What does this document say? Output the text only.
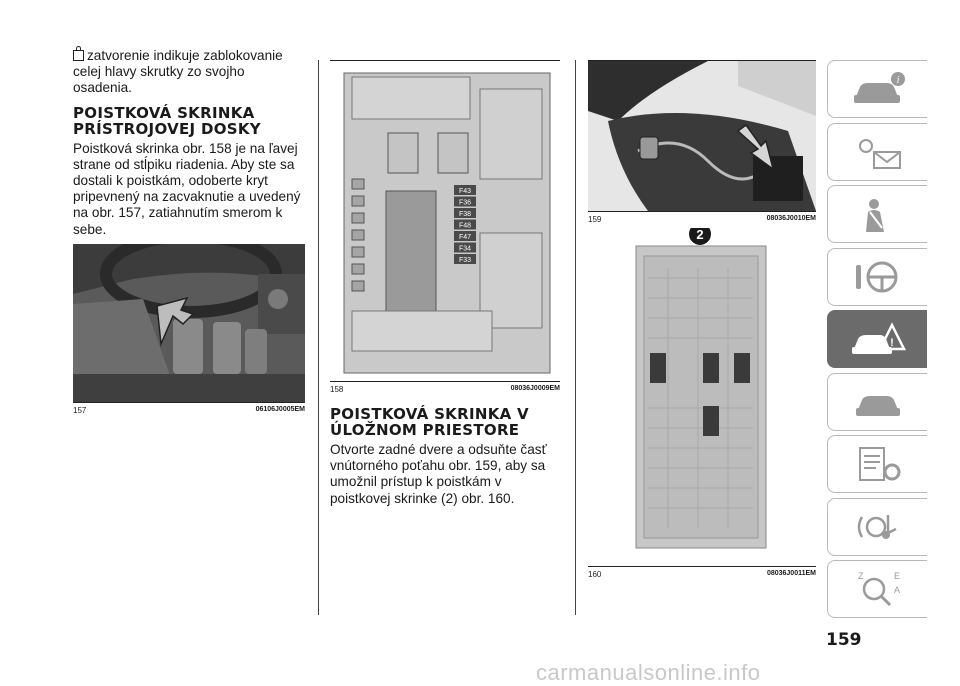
zatvorenie indikuje zablokovanie celej hlavy skrutky zo svojho osadenia.

POISTKOVÁ SKRINKA PRÍSTROJOVEJ DOSKY

Poistková skrinka obr. 158 je na ľavej strane od stĺpiku riadenia. Aby ste sa dostali k poistkám, odoberte kryt pripevnený na zacvaknutie a uvedený na obr. 157, zatiahnutím smerom k sebe.

157	06106J0005EM
F43
F36
F38
F48
F47
F34
F33
158	08036J0009EM
POISTKOVÁ SKRINKA V ÚLOŽNOM PRIESTORE

Otvorte zadné dvere a odsuňte časť vnútorného poťahu obr. 159, aby sa umožnil prístup k poistkám v poistkovej skrinke (2) obr. 160.

159	08036J0010EM
2
160	08036J0011EM
i
!
Z	E
A
159
carmanualsonline.info
